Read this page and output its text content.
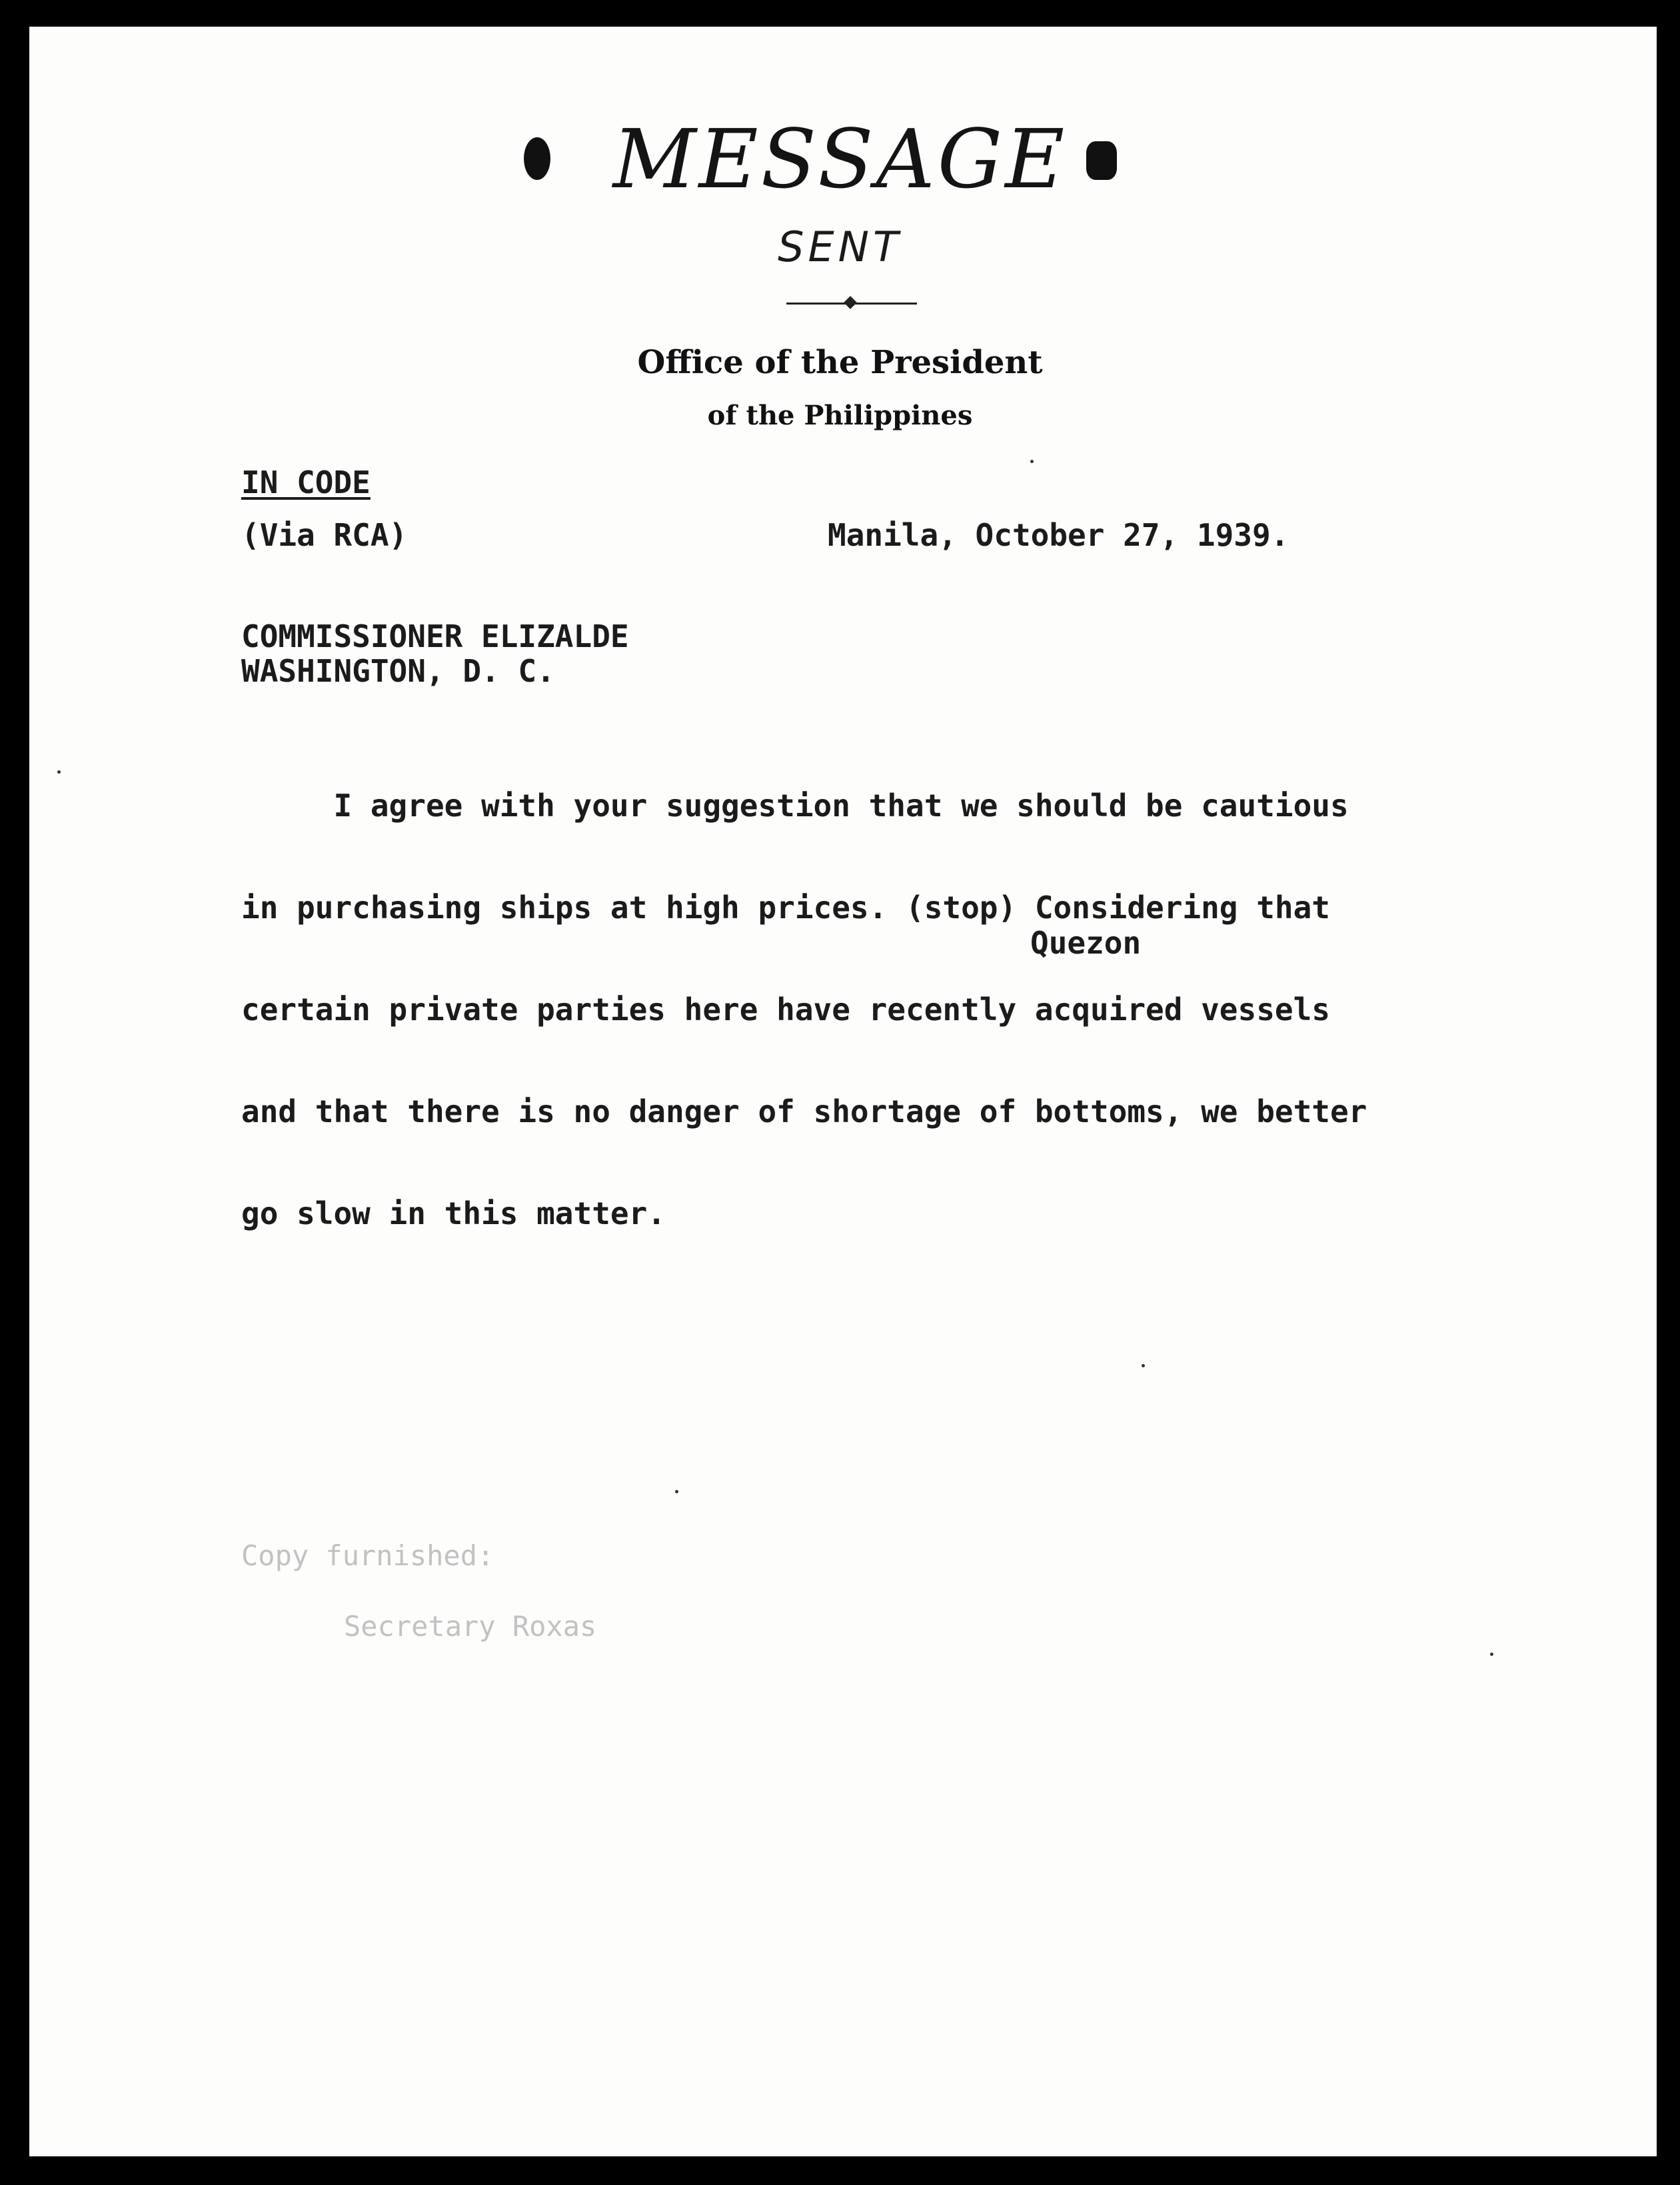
MESSAGE
SENT
Office of the President
of the Philippines
IN CODE
(Via RCA)	Manila, October 27, 1939.
COMMISSIONER ELIZALDE
WASHINGTON, D. C.

I agree with your suggestion that we should be cautious

in purchasing ships at high prices. (stop) Considering that

certain private parties here have recently acquired vessels

and that there is no danger of shortage of bottoms, we better

go slow in this matter.

Quezon
Copy furnished:
Secretary Roxas
